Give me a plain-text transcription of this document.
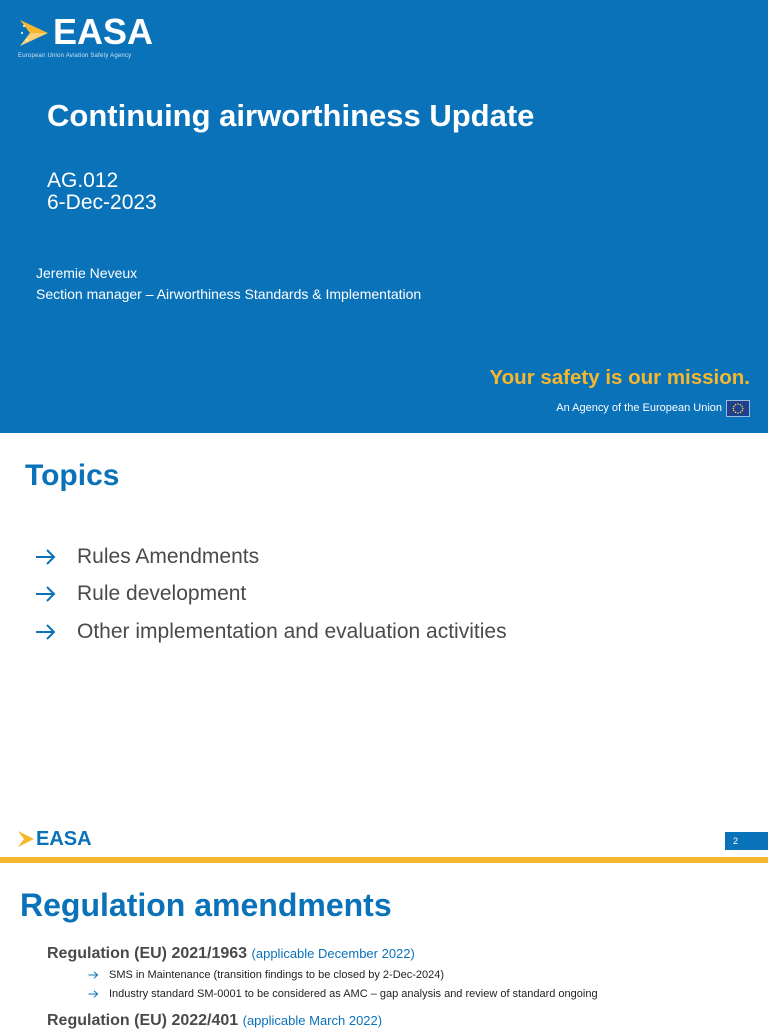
EASA
European Union Aviation Safety Agency
Continuing airworthiness Update
AG.012
6-Dec-2023
Jeremie Neveux
Section manager – Airworthiness Standards & Implementation
Your safety is our mission.
An Agency of the European Union
Topics
Rules Amendments
Rule development
Other implementation and evaluation activities
EASA	2
Regulation amendments
Regulation (EU) 2021/1963 (applicable December 2022)
SMS in Maintenance (transition findings to be closed by 2-Dec-2024)
Industry standard SM-0001 to be considered as AMC – gap analysis and review of standard ongoing
Regulation (EU) 2022/401 (applicable March 2022)
